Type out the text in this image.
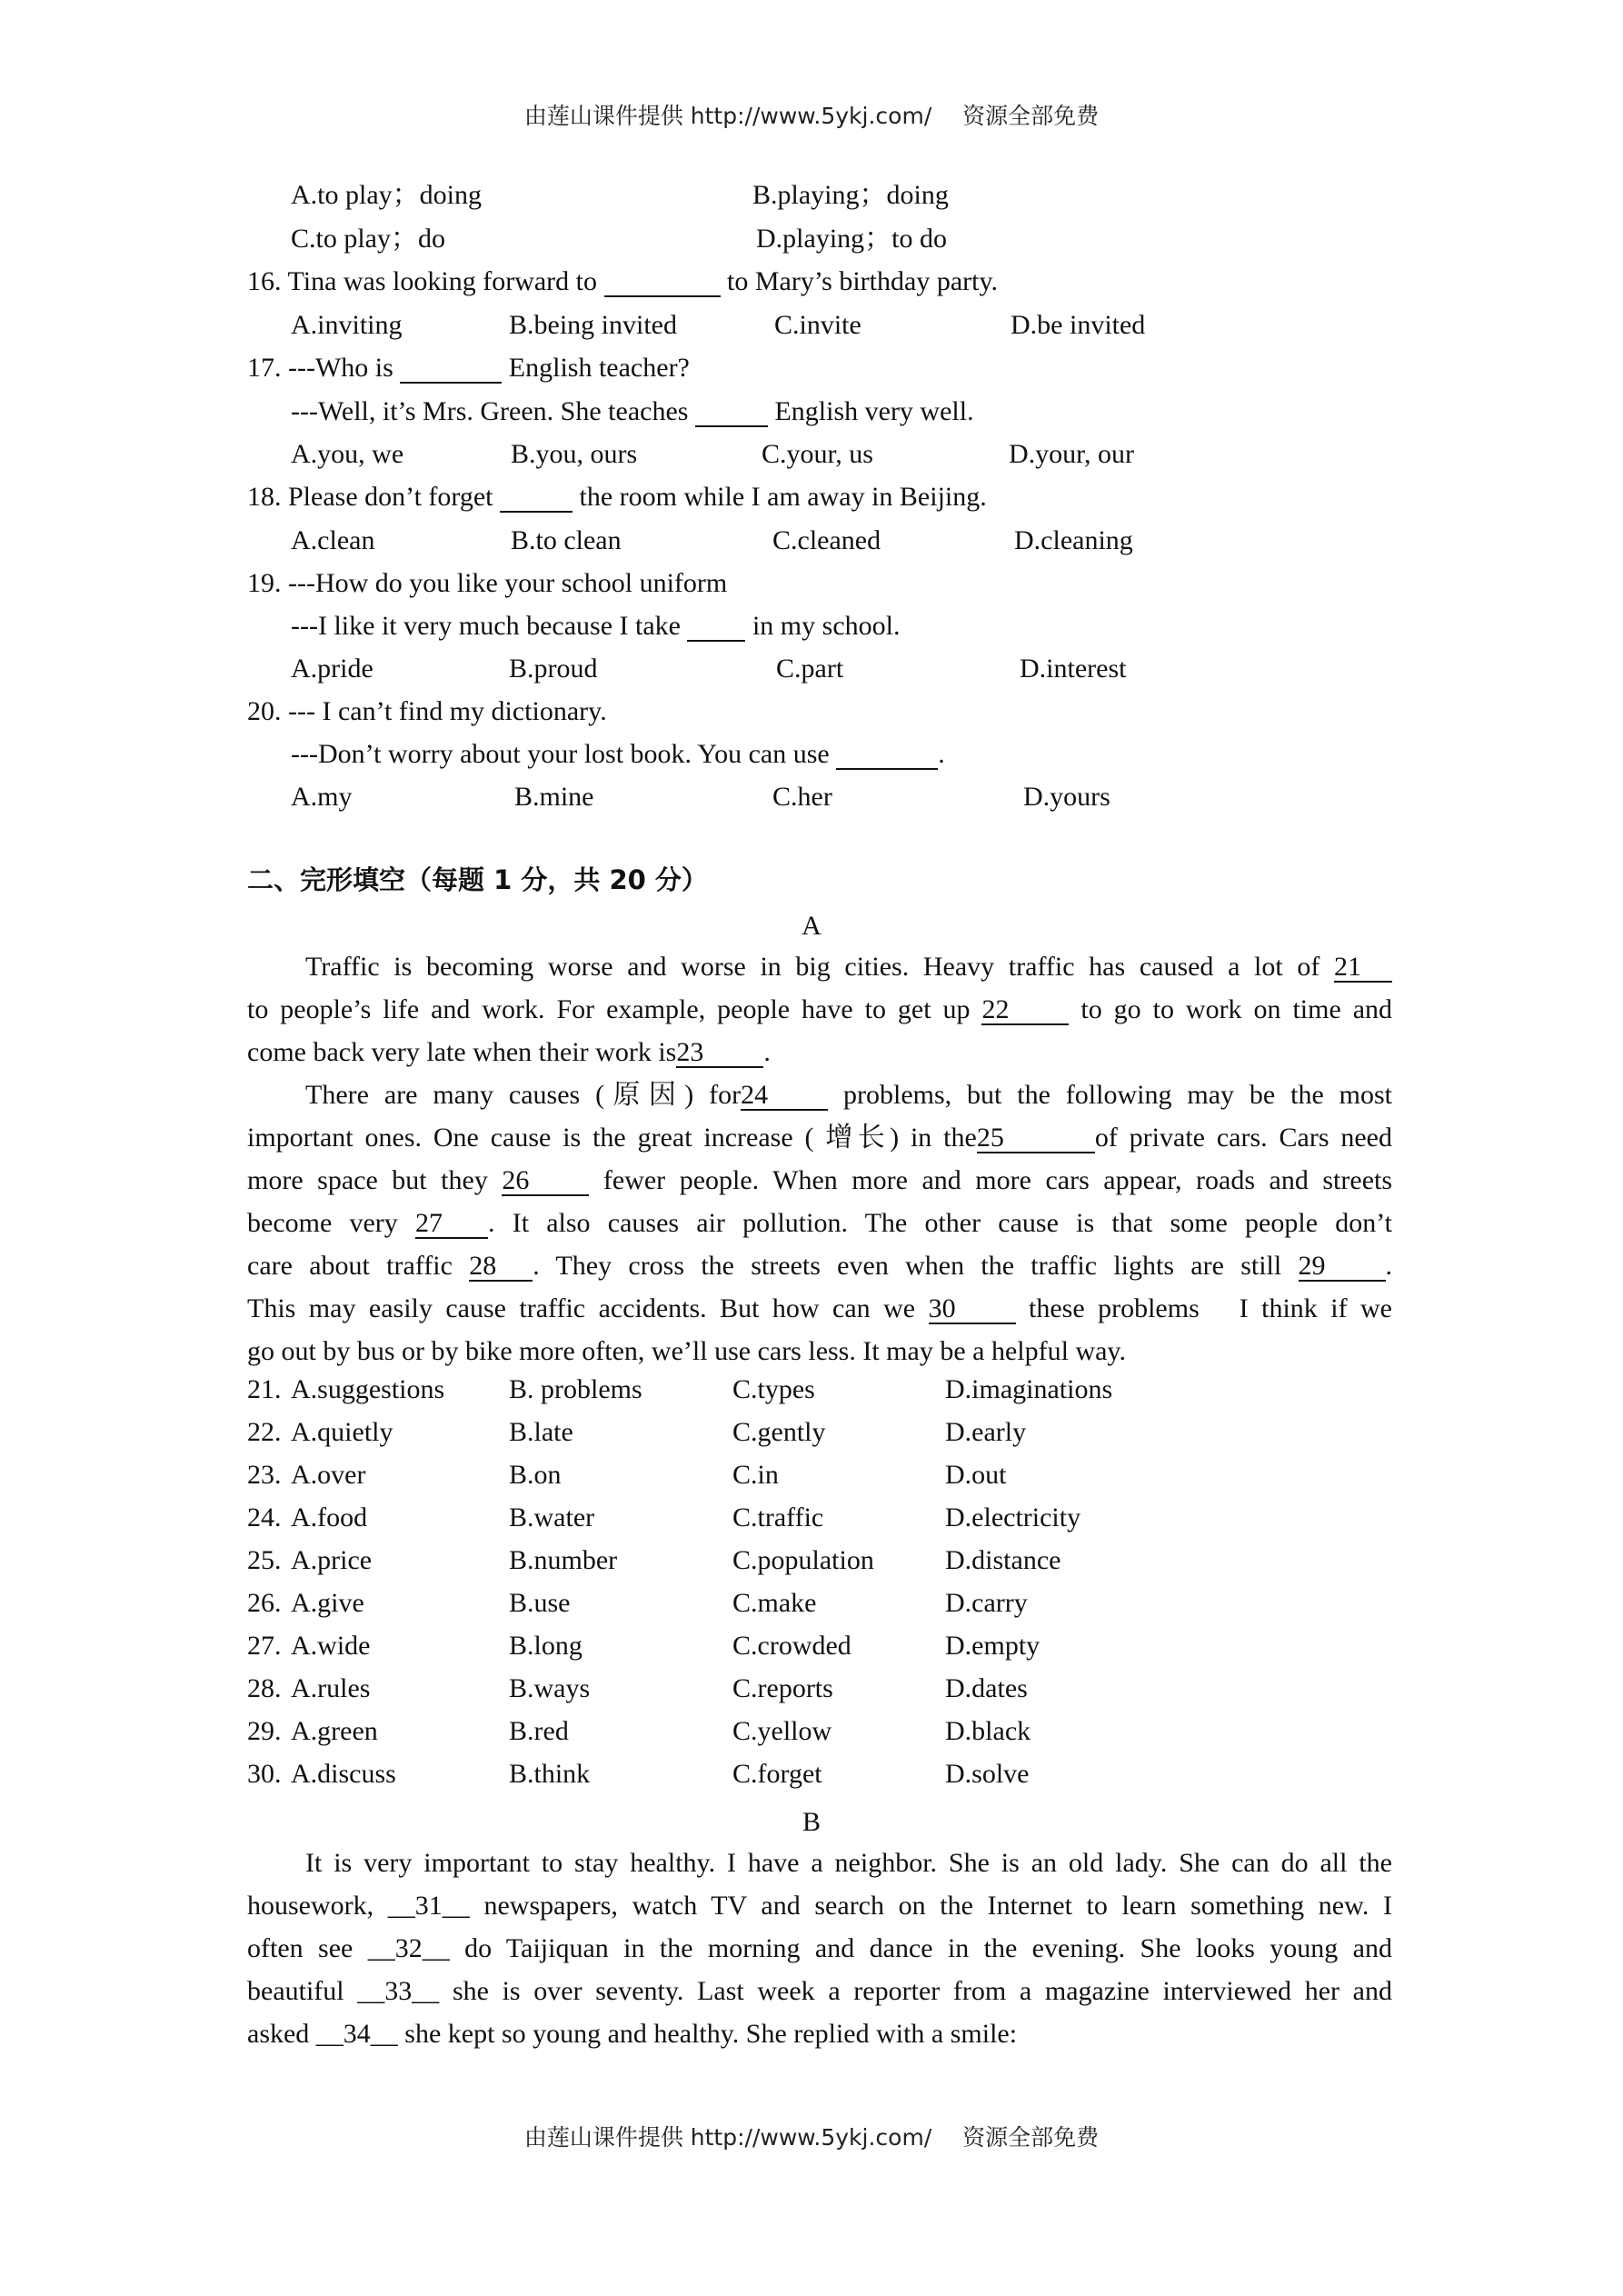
由莲山课件提供 http://www.5ykj.com/ 资源全部免费
A.to play；doing	B.playing；doing
C.to play；do	D.playing；to do
16. Tina was looking forward to	to Mary’s birthday party.
A.inviting	B.being invited	C.invite	D.be invited
17. ---Who is	English teacher?
---Well, it’s Mrs. Green. She teaches	English very well.
A.you, we	B.you, ours	C.your, us	D.your, our
18. Please don’t forget	the room while I am away in Beijing.
A.clean	B.to clean	C.cleaned	D.cleaning
19. ---How do you like your school uniform
---I like it very much because I take	in my school.
A.pride	B.proud	C.part	D.interest
20. --- I can’t find my dictionary.
---Don’t worry about your lost book. You can use	.
A.my	B.mine	C.her	D.yours
二、完形填空（每题 1 分，共 20 分）
A
Traffic is becoming worse and worse in big cities. Heavy traffic has caused a lot of 21
to people’s life and work. For example, people have to get up 22	to go to work on time and
come back very late when their work is23 .
There are many causes (原因) for24	problems, but the following may be the most
important ones. One cause is the great increase ( 增长) in the25	of private cars. Cars need
more space but they 26	fewer people. When more and more cars appear, roads and streets
become very 27 . It also causes air pollution. The other cause is that some people don’t
care about traffic 28 . They cross the streets even when the traffic lights are still 29 .
This may easily cause traffic accidents. But how can we 30	these problems　I think if we
go out by bus or by bike more often, we’ll use cars less. It may be a helpful way.
21. A.suggestions B. problems	C.types	D.imaginations
22. A.quietly	B.late	C.gently	D.early
23. A.over	B.on	C.in	D.out
24. A.food	B.water	C.traffic	D.electricity
25. A.price	B.number	C.population	D.distance
26. A.give	B.use	C.make	D.carry
27. A.wide	B.long	C.crowded	D.empty
28. A.rules	B.ways	C.reports	D.dates
29. A.green	B.red	C.yellow	D.black
30. A.discuss	B.think	C.forget	D.solve
B
It is very important to stay healthy. I have a neighbor. She is an old lady. She can do all the
housework, __31__ newspapers, watch TV and search on the Internet to learn something new. I
often see __32__ do Taijiquan in the morning and dance in the evening. She looks young and
beautiful __33__ she is over seventy. Last week a reporter from a magazine interviewed her and
asked __34__ she kept so young and healthy. She replied with a smile:
由莲山课件提供 http://www.5ykj.com/ 资源全部免费
